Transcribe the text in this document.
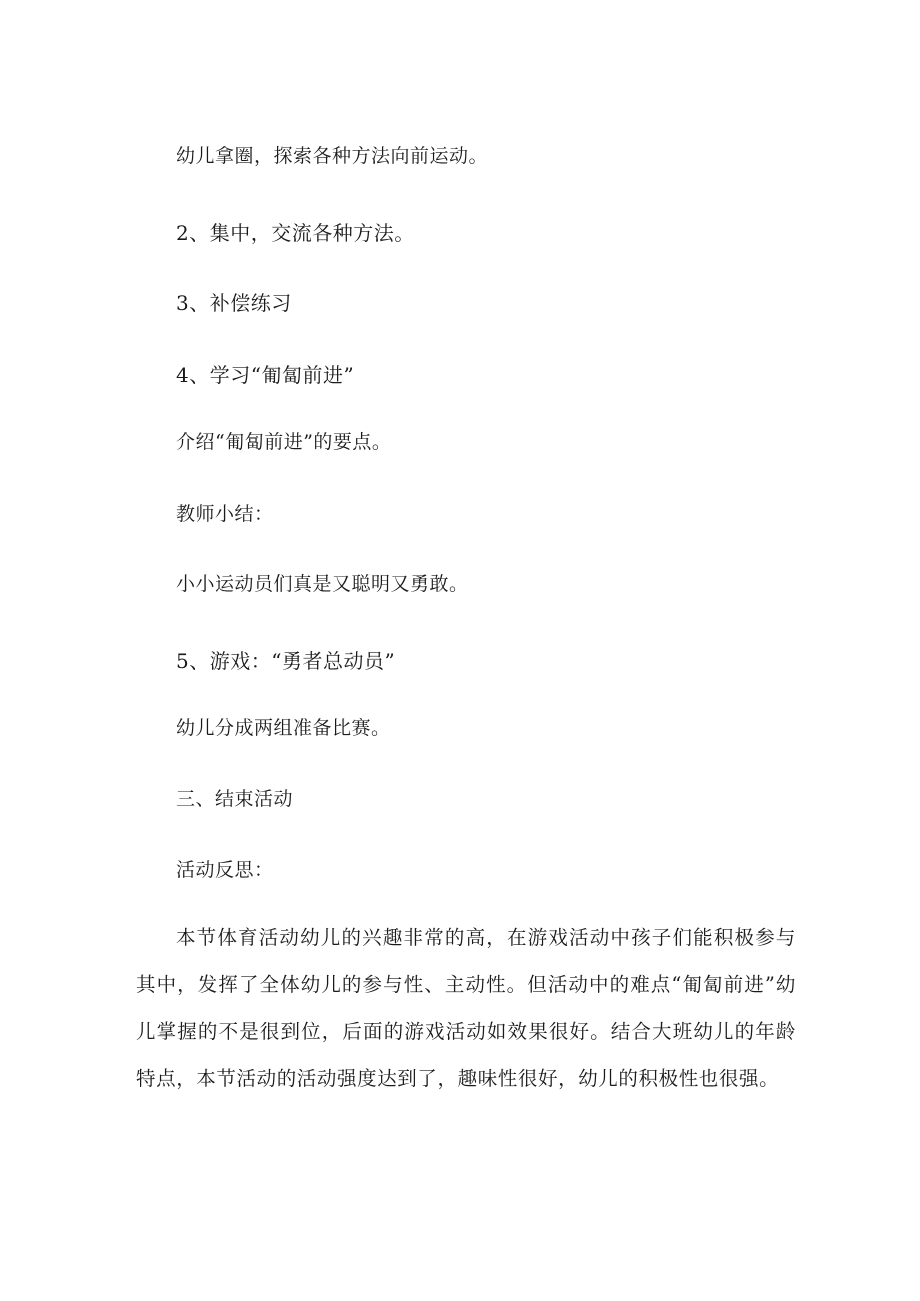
幼儿拿圈，探索各种方法向前运动。
2、集中，交流各种方法。
3、补偿练习
4、学习“匍匐前进”
介绍“匍匐前进”的要点。
教师小结：
小小运动员们真是又聪明又勇敢。
5、游戏：“勇者总动员”
幼儿分成两组准备比赛。
三、结束活动
活动反思：
本节体育活动幼儿的兴趣非常的高，在游戏活动中孩子们能积极参与其中，发挥了全体幼儿的参与性、主动性。但活动中的难点“匍匐前进”幼儿掌握的不是很到位，后面的游戏活动如效果很好。结合大班幼儿的年龄特点，本节活动的活动强度达到了，趣味性很好，幼儿的积极性也很强。
